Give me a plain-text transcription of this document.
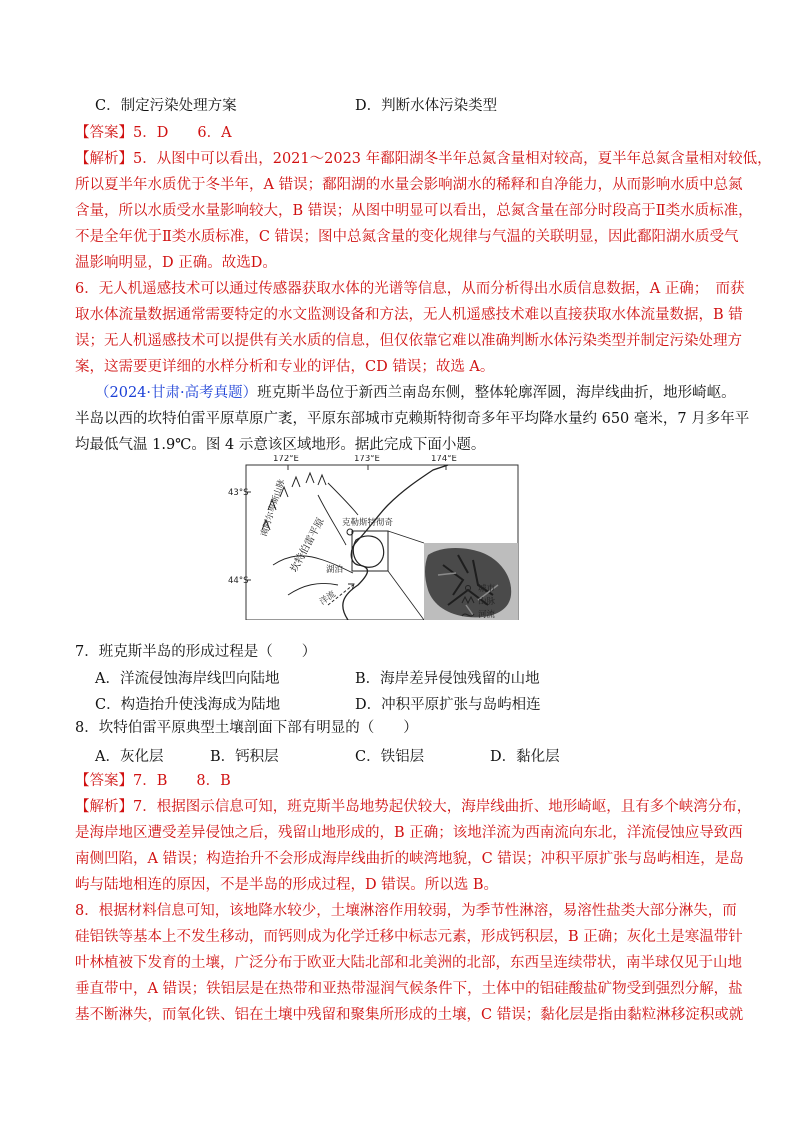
C．制定污染处理方案	D．判断水体污染类型
【答案】5．D　　6．A
【解析】5．从图中可以看出，2021～2023 年鄱阳湖冬半年总氮含量相对较高，夏半年总氮含量相对较低，
所以夏半年水质优于冬半年，A 错误；鄱阳湖的水量会影响湖水的稀释和自净能力，从而影响水质中总氮
含量，所以水质受水量影响较大，B 错误；从图中明显可以看出，总氮含量在部分时段高于Ⅱ类水质标准，
不是全年优于Ⅱ类水质标准，C 错误；图中总氮含量的变化规律与气温的关联明显，因此鄱阳湖水质受气
温影响明显，D 正确。故选D。
6．无人机遥感技术可以通过传感器获取水体的光谱等信息，从而分析得出水质信息数据，A 正确；　而获
取水体流量数据通常需要特定的水文监测设备和方法，无人机遥感技术难以直接获取水体流量数据，B 错
误；无人机遥感技术可以提供有关水质的信息，但仅依靠它难以准确判断水体污染类型并制定污染处理方
案，这需要更详细的水样分析和专业的评估，CD 错误；故选 A。
（2024·甘肃·高考真题）班克斯半岛位于新西兰南岛东侧，整体轮廓浑圆，海岸线曲折，地形崎岖。
半岛以西的坎特伯雷平原草原广袤，平原东部城市克赖斯特彻奇多年平均降水量约 650 毫米，7 月多年平
均最低气温 1.9℃。图 4 示意该区域地形。据此完成下面小题。
172°E	173°E	174°E
43°S
44°S
南阿尔卑斯山脉
坎特伯雷平原 克勒斯特彻奇
湖泊
洋流
城市
山脉
河流
7．班克斯半岛的形成过程是（　　）
A．洋流侵蚀海岸线凹向陆地	B．海岸差异侵蚀残留的山地
C．构造抬升使浅海成为陆地	D．冲积平原扩张与岛屿相连
8．坎特伯雷平原典型土壤剖面下部有明显的（　　）
A．灰化层	B．钙积层	C．铁铝层	D．黏化层
【答案】7．B　　8．B
【解析】7．根据图示信息可知，班克斯半岛地势起伏较大，海岸线曲折、地形崎岖，且有多个峡湾分布，
是海岸地区遭受差异侵蚀之后，残留山地形成的，B 正确；该地洋流为西南流向东北，洋流侵蚀应导致西
南侧凹陷，A 错误；构造抬升不会形成海岸线曲折的峡湾地貌，C 错误；冲积平原扩张与岛屿相连，是岛
屿与陆地相连的原因，不是半岛的形成过程，D 错误。所以选 B。
8．根据材料信息可知，该地降水较少，土壤淋溶作用较弱，为季节性淋溶，易溶性盐类大部分淋失，而
硅铝铁等基本上不发生移动，而钙则成为化学迁移中标志元素，形成钙积层，B 正确；灰化土是寒温带针
叶林植被下发育的土壤，广泛分布于欧亚大陆北部和北美洲的北部，东西呈连续带状，南半球仅见于山地
垂直带中，A 错误；铁铝层是在热带和亚热带湿润气候条件下，土体中的铝硅酸盐矿物受到强烈分解，盐
基不断淋失，而氧化铁、铝在土壤中残留和聚集所形成的土壤，C 错误；黏化层是指由黏粒淋移淀积或就
